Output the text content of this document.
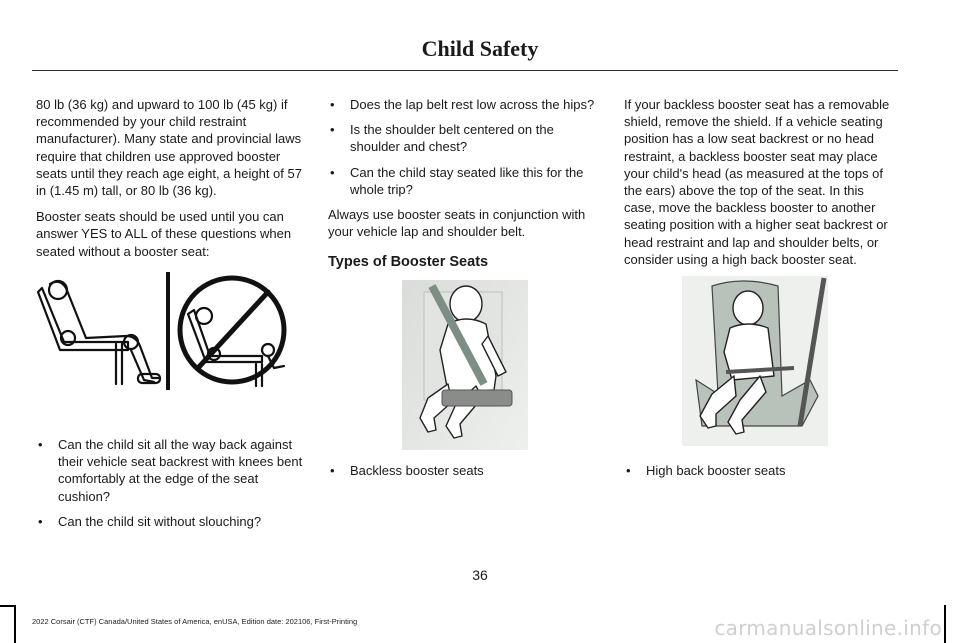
Child Safety

80 lb (36 kg) and upward to 100 lb (45 kg) if recommended by your child restraint manufacturer). Many state and provincial laws require that children use approved booster seats until they reach age eight, a height of 57 in (1.45 m) tall, or 80 lb (36 kg).

Booster seats should be used until you can answer YES to ALL of these questions when seated without a booster seat:

• Can the child sit all the way back against their vehicle seat backrest with knees bent comfortably at the edge of the seat cushion?
• Can the child sit without slouching?
• Does the lap belt rest low across the hips?
• Is the shoulder belt centered on the shoulder and chest?
• Can the child stay seated like this for the whole trip?

Always use booster seats in conjunction with your vehicle lap and shoulder belt.

Types of Booster Seats
• Backless booster seats

If your backless booster seat has a removable shield, remove the shield. If a vehicle seating position has a low seat backrest or no head restraint, a backless booster seat may place your child's head (as measured at the tops of the ears) above the top of the seat. In this case, move the backless booster to another seating position with a higher seat backrest or head restraint and lap and shoulder belts, or consider using a high back booster seat.

• High back booster seats
36
2022 Corsair (CTF) Canada/United States of America, enUSA, Edition date: 202106, First-Printing	carmanualsonline.info
